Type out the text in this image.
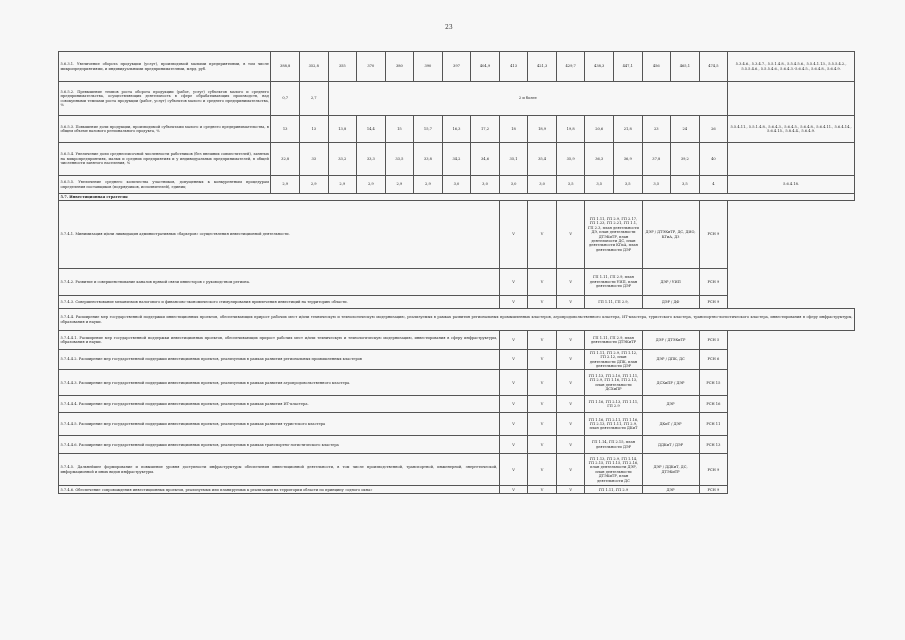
23
5.6.3.1. Увеличение оборота продукции (услуг), производимой малыми предприятиями, в том числе микропредприятиями, и индивидуальными предпринимателями, млрд. руб.	388,8	352,8	355	370	380	390	397	404,9	413	421,3	429,7	438,3	447,1	456	465,1	474,5	5.3.4.6., 5.3.4.7., 5.5.1.4.8., 5.5.4.5.6., 5.5.4.1.13., 5.5.5.4.2., 5.5.5.4.6., 5.5.5.4.6., 5.6.4.3.-5.6.4.5., 5.6.4.8., 5.6.4.9.
5.6.5.2. Превышение темпов роста оборота продукции (работ, услуг) субъектов малого и среднего предпринимательства, осуществляющих деятельность в сфере обрабатывающих производств, над совокупными темпами роста продукции (работ, услуг) субъектов малого и среднего предпринимательства, %	0,7	2,7	2 и более														
5.6.5.3. Повышение доли продукции, производимой субъектами малого и среднего предпринимательства, в общем объеме валового регионального продукта, %	13	13	13,8	14,4	15	15,7	16,3	17,2	18	18,9	19,8	20,6	21,8	23	24	26	5.5.4.11., 5.5.1.4.8., 5.6.4.3., 5.6.4.5., 5.6.4.8., 5.6.4.11., 5.6.4.14., 5.6.4.15., 5.8.4.4., 5.6.4.9.
5.6.5.4. Увеличение доли среднесписочной численности работников (без внешних совместителей), занятых на микропредприятиях, малых и средних предприятиях и у индивидуальных предпринимателей, в общей численности занятого населения, %	32,8	33	33,2	33,3	33,5	33,8	34,2	34,6	35,1	35,4	35,9	36,3	36,9	37,8	39,2	40	
5.6.5.5. Увеличение среднего количества участников, допущенных к конкурентным процедурам определения поставщиков (подрядчиков, исполнителей), единиц	2,9	2,9	2,9	2,9	2,9	2,9	3,0	3,0	3,0	3,0	3,5	3,5	3,5	3,5	3,5	4	5.6.4.18.
5.7. Инвестиционная стратегия																	
5.7.4.1. Минимизация и/или ликвидация административных «барьеров» осуществления инвестиционной деятельности.									V	V	V	ГП 1.11, ГП 2.9, ГП 2.17, ГП 1.23, ГП 2.21, ГП 1.1, ГП 2.3, план деятельности ДЭ, план деятельности ДТЭКиТР, план деятельности ДС, план деятельности КГиА, план деятельности ДЭР		ДЭР / ДТЭКиТР, ДС, ДИО, КГиА, ДЗ		РСН 9	
5.7.4.2. Развитие и совершенствование каналов прямой связи инвесторов с руководством региона.									V	V	V	ГП 1.11, ГП 2.9, план деятельности УИП, план деятельности ДЭР		ДЭР / УИП		РСН 9	
5.7.4.3. Совершенствование механизмов налогового и финансово-экономического стимулирования привлечения инвестиций на территорию области.									V	V	V	ГП 1.11, ГП 2.9,		ДЭР / ДФ		РСН 9	
5.7.4.4. Расширение мер государственной поддержки инвестиционных проектов, обеспечивающих прирост рабочих мест и/или техническую и технологическую модернизацию, реализуемых в рамках развития региональных промышленных кластеров, агропродовольственного кластера, ИТ-кластера, туристского кластера, транспортно-логистического кластера, инвестирования в сферу инфраструктуры, образования и науки.																	
5.7.4.4.1. Расширение мер государственной поддержки инвестиционных проектов, обеспечивающих прирост рабочих мест и/или техническую и технологическую модернизацию, инвестирования в сферу инфраструктуры, образования и науки.									V	V	V	ГП 1.11, ГП 2.9, план деятельности ДТЭКиТР		ДЭР / ДТЭКиТР		РСН 5	
5.7.4.4.2. Расширение мер государственной поддержки инвестиционных проектов, реализуемых в рамках развития региональных промышленных кластеров									V	V	V	ГП 1.11, ГП 2.9, ГП 1.12, ГП 2.12, план деятельности ДПК, план деятельности ДЭР		ДЭР / ДПК, ДС		РСН 6	
5.7.4.4.3. Расширение мер государственной поддержки инвестиционных проектов, реализуемых в рамках развития агропродовольственного кластера.									V	V	V	ГП 1.13, ГП 2.10, ГП 1.11, ГП 2.9, ГП 1.16, ГП 2.13, план деятельности ДСХиПР		ДСХиПР / ДЭР		РСН 15	
5.7.4.4.4. Расширение мер государственной поддержки инвестиционных проектов, реализуемых в рамках развития ИТ-кластера.									V	V	V	ГП 1.16, ГП 2.13, ГП 1.11, ГП 2.9		ДЭР		РСН 16	
5.7.4.4.5. Расширение мер государственной поддержки инвестиционных проектов, реализуемых в рамках развития туристского кластера									V	V	V	ГП 1.16, ГП 2.11, ГП 1.16, ГП 2.13, ГП 1.11, ГП 2.9, план деятельности ДКиТ		ДКиТ / ДЭР		РСН 11	
5.7.4.4.6. Расширение мер государственной поддержки инвестиционных проектов, реализуемых в рамках транспортно-логистического кластера									V	V	V	ГП 1.14, ГП 2.15, план деятельности ДЭР		ДДКиТ / ДЭР		РСН 13	
5.7.4.5. Дальнейшее формирование и повышение уровня доступности инфраструктуры обеспечения инвестиционной деятельности, в том числе производственной, транспортной, инженерной, энергетической, информационной и иных видов инфраструктуры.									V	V	V	ГП 1.13, ГП 2.9, ГП 1.14, ГП 2.15, ГП 1.15, ГП 2.16, план деятельности ДЭР, план деятельности ДТЭКиТР, план деятельности ДС		ДЭР / ДДКиТ, ДС, ДТЭКиТР		РСН 9	
5.7.4.6. Обеспечение сопровождения инвестиционных проектов, реализуемых или планируемых к реализации на территории области по принципу «одного окна»									V	V	V	ГП 1.11, ГП 2.9		ДЭР		РСН 9	
